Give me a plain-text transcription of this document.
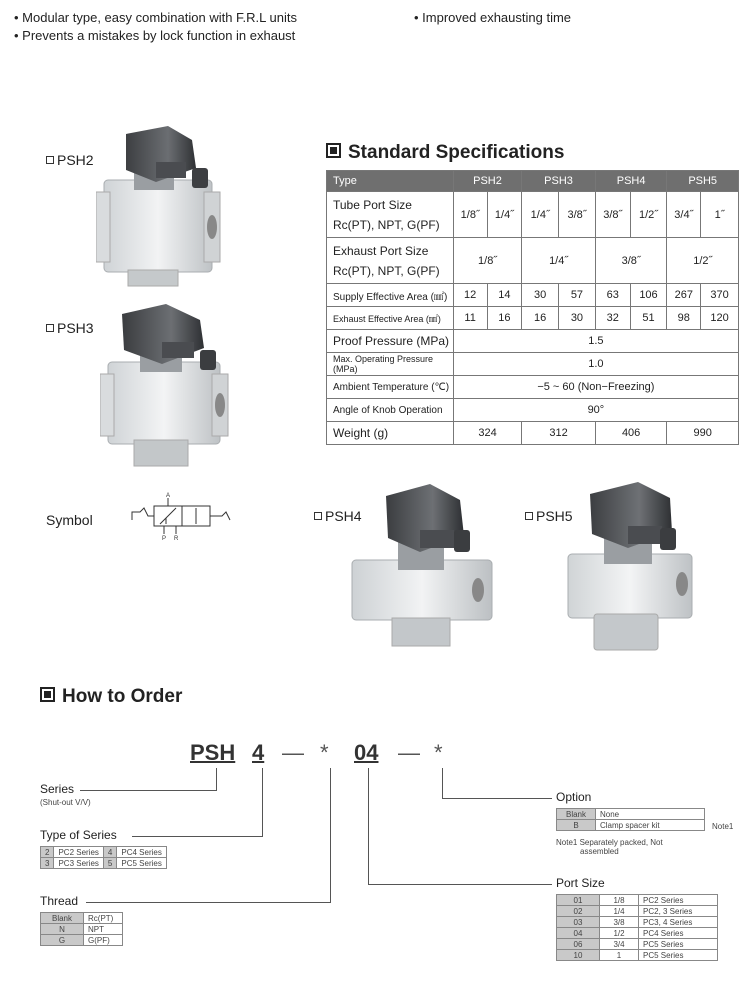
• Modular type, easy combination with F.R.L units
• Prevents a mistakes by lock function in exhaust
• Improved exhausting time
PSH2
PSH3
PSH4	PSH5
Symbol
A
P R
Standard Specifications
Type	PSH2		PSH3		PSH4		PSH5	
Tube Port Size
Rc(PT), NPT, G(PF)	1/8˝	1/4˝	1/4˝	3/8˝	3/8˝	1/2˝	3/4˝	1˝
Exhaust Port Size
Rc(PT), NPT, G(PF)	1/8˝		1/4˝		3/8˝		1/2˝	
Supply Effective Area (㎟)	12	14	30	57	63	106	267	370
Exhaust Effective Area (㎟)	11	16	16	30	32	51	98	120
Proof Pressure (MPa)	1.5							
Max. Operating Pressure (MPa)	1.0							
Ambient Temperature (℃)	−5 ~ 60 (Non−Freezing)							
Angle of Knob Operation	90°							
Weight (g)	324		312		406		990	
How to Order
PSH 4 — * 04 — *
Series
(Shut-out V/V)
Type of Series
2	PC2 Series	4	PC4 Series
3	PC3 Series	5	PC5 Series
Thread
Blank	Rc(PT)
N	NPT
G	G(PF)
Option
Blank	None
B	Clamp spacer kit	Note1
Note1 Separately packed, Not
assembled
Port Size
01	1/8	PC2 Series
02	1/4	PC2, 3 Series
03	3/8	PC3, 4 Series
04	1/2	PC4 Series
06	3/4	PC5 Series
10	1	PC5 Series
